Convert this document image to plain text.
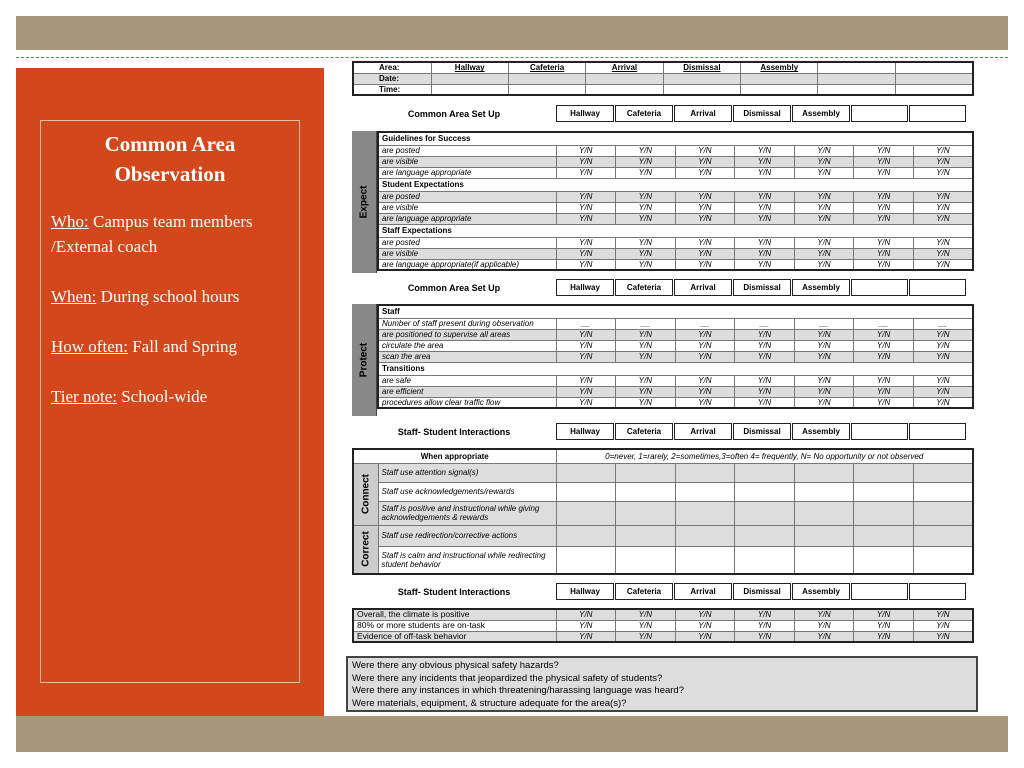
Common Area
Observation
Who: Campus team members /External coach
When: During school hours
How often: Fall and Spring
Tier note: School-wide
Area:	Hallway	Cafeteria	Arrival	Dismissal	Assembly		
Date:							
Time:							
Common Area Set Up	Hallway	Cafeteria	Arrival	Dismissal	Assembly
Common Area Set Up	Hallway	Cafeteria	Arrival	Dismissal	Assembly
Staff- Student Interactions	Hallway	Cafeteria	Arrival	Dismissal	Assembly
Staff- Student Interactions	Hallway	Cafeteria	Arrival	Dismissal	Assembly
Expect
Guidelines for Success							
are posted	Y/N	Y/N	Y/N	Y/N	Y/N	Y/N	Y/N
are visible	Y/N	Y/N	Y/N	Y/N	Y/N	Y/N	Y/N
are language appropriate	Y/N	Y/N	Y/N	Y/N	Y/N	Y/N	Y/N
Student Expectations							
are posted	Y/N	Y/N	Y/N	Y/N	Y/N	Y/N	Y/N
are visible	Y/N	Y/N	Y/N	Y/N	Y/N	Y/N	Y/N
are language appropriate	Y/N	Y/N	Y/N	Y/N	Y/N	Y/N	Y/N
Staff Expectations							
are posted	Y/N	Y/N	Y/N	Y/N	Y/N	Y/N	Y/N
are visible	Y/N	Y/N	Y/N	Y/N	Y/N	Y/N	Y/N
are language appropriate(if applicable)	Y/N	Y/N	Y/N	Y/N	Y/N	Y/N	Y/N
Protect
Staff							
Number of staff present during observation	__	__	__	__	__	__	__
are positioned to supervise all areas	Y/N	Y/N	Y/N	Y/N	Y/N	Y/N	Y/N
circulate the area	Y/N	Y/N	Y/N	Y/N	Y/N	Y/N	Y/N
scan the area	Y/N	Y/N	Y/N	Y/N	Y/N	Y/N	Y/N
Transitions							
are safe	Y/N	Y/N	Y/N	Y/N	Y/N	Y/N	Y/N
are efficient	Y/N	Y/N	Y/N	Y/N	Y/N	Y/N	Y/N
procedures allow clear traffic flow	Y/N	Y/N	Y/N	Y/N	Y/N	Y/N	Y/N
When appropriate		0=never, 1=rarely, 2=sometimes,3=often 4= frequently, N= No opportunity or not observed						

Connect	Staff use attention signal(s)							
	Staff use acknowledgements/rewards							
	Staff is positive and instructional while giving acknowledgements & rewards							

Correct	Staff use redirection/corrective actions							
	Staff is calm and instructional while redirecting student behavior							
Overall, the climate is positive	Y/N	Y/N	Y/N	Y/N	Y/N	Y/N	Y/N
80% or more students are on-task	Y/N	Y/N	Y/N	Y/N	Y/N	Y/N	Y/N
Evidence of off-task behavior	Y/N	Y/N	Y/N	Y/N	Y/N	Y/N	Y/N
Were there any obvious physical safety hazards?
Were there any incidents that jeopardized the physical safety of students?
Were there any instances in which threatening/harassing language was heard?
Were materials, equipment, & structure adequate for the area(s)?
